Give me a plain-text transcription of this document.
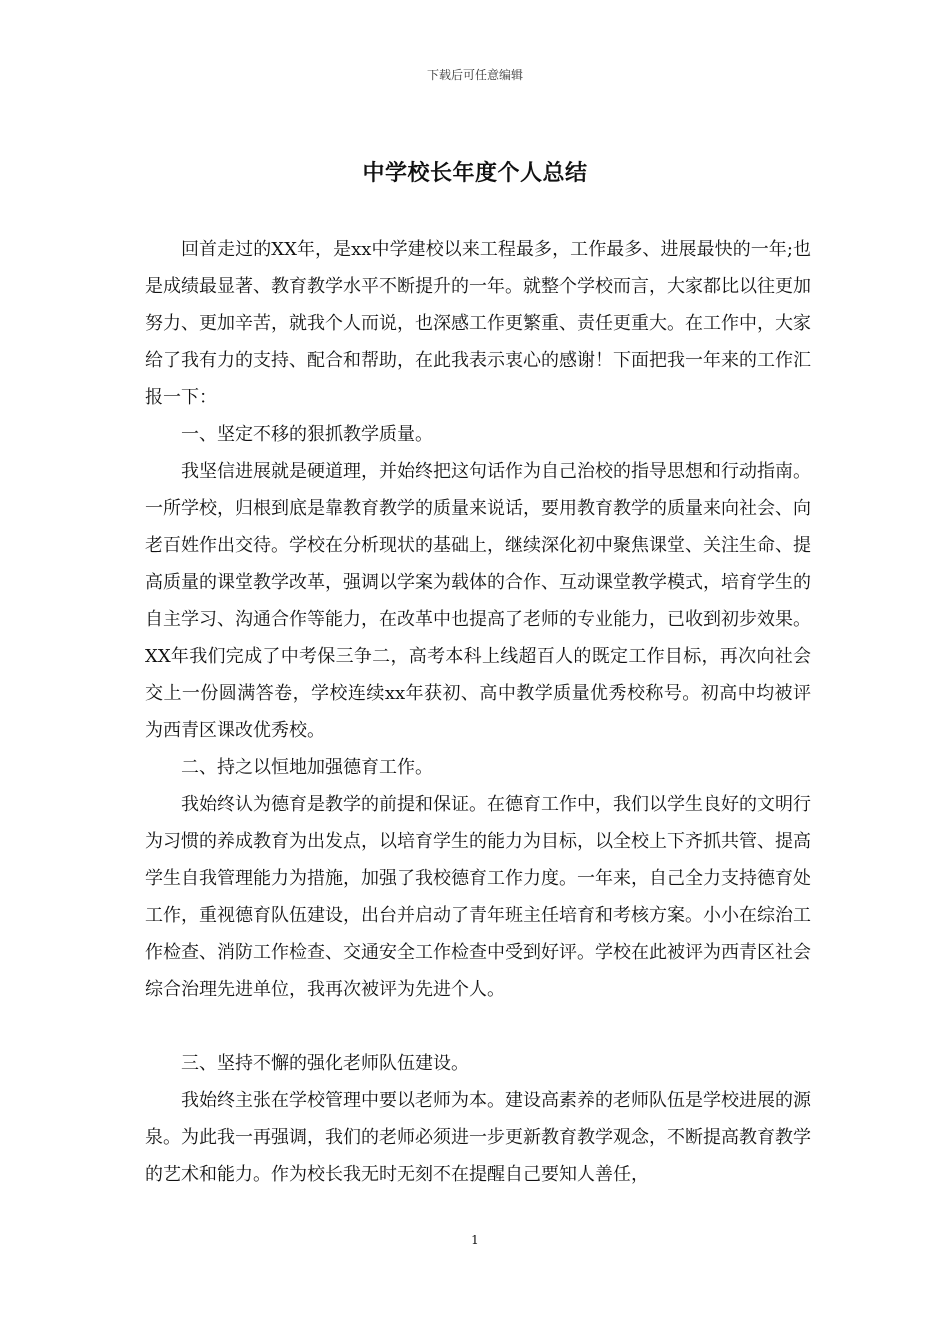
下载后可任意编辑
中学校长年度个人总结

回首走过的XX年，是xx中学建校以来工程最多，工作最多、进展最快的一年;也是成绩最显著、教育教学水平不断提升的一年。就整个学校而言，大家都比以往更加努力、更加辛苦，就我个人而说，也深感工作更繁重、责任更重大。在工作中，大家给了我有力的支持、配合和帮助，在此我表示衷心的感谢！下面把我一年来的工作汇报一下：

一、坚定不移的狠抓教学质量。

我坚信进展就是硬道理，并始终把这句话作为自己治校的指导思想和行动指南。一所学校，归根到底是靠教育教学的质量来说话，要用教育教学的质量来向社会、向老百姓作出交待。学校在分析现状的基础上，继续深化初中聚焦课堂、关注生命、提高质量的课堂教学改革，强调以学案为载体的合作、互动课堂教学模式，培育学生的自主学习、沟通合作等能力，在改革中也提高了老师的专业能力，已收到初步效果。XX年我们完成了中考保三争二，高考本科上线超百人的既定工作目标，再次向社会交上一份圆满答卷，学校连续xx年获初、高中教学质量优秀校称号。初高中均被评为西青区课改优秀校。

二、持之以恒地加强德育工作。

我始终认为德育是教学的前提和保证。在德育工作中，我们以学生良好的文明行为习惯的养成教育为出发点，以培育学生的能力为目标，以全校上下齐抓共管、提高学生自我管理能力为措施，加强了我校德育工作力度。一年来，自己全力支持德育处工作，重视德育队伍建设，出台并启动了青年班主任培育和考核方案。小小在综治工作检查、消防工作检查、交通安全工作检查中受到好评。学校在此被评为西青区社会综合治理先进单位，我再次被评为先进个人。

三、坚持不懈的强化老师队伍建设。

我始终主张在学校管理中要以老师为本。建设高素养的老师队伍是学校进展的源泉。为此我一再强调，我们的老师必须进一步更新教育教学观念，不断提高教育教学的艺术和能力。作为校长我无时无刻不在提醒自己要知人善任，

1
